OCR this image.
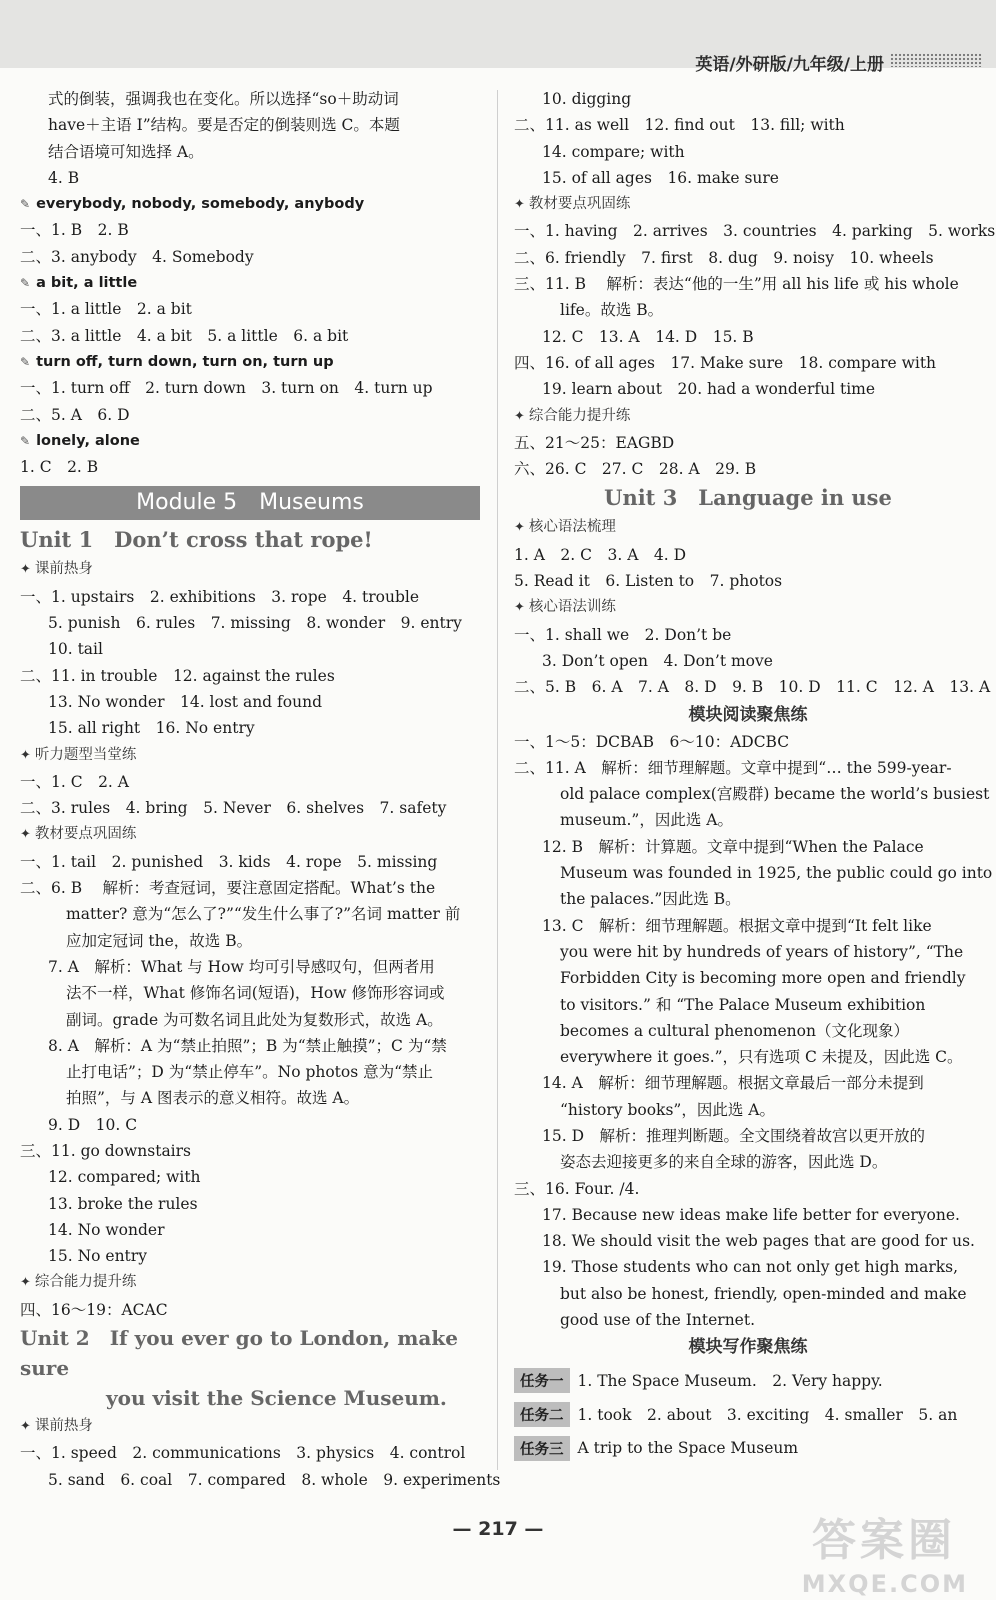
英语/外研版/九年级/上册
式的倒装，强调我也在变化。所以选择“so＋助动词
have＋主语 I”结构。要是否定的倒装则选 C。本题
结合语境可知选择 A。
4. B
✎ everybody, nobody, somebody, anybody
一、1. B　2. B
二、3. anybody　4. Somebody
✎ a bit, a little
一、1. a little　2. a bit
二、3. a little　4. a bit　5. a little　6. a bit
✎ turn off, turn down, turn on, turn up
一、1. turn off　2. turn down　3. turn on　4. turn up
二、5. A　6. D
✎ lonely, alone
1. C　2. B
Module 5　Museums
Unit 1　Don’t cross that rope!
✦ 课前热身
一、1. upstairs　2. exhibitions　3. rope　4. trouble
5. punish　6. rules　7. missing　8. wonder　9. entry
10. tail
二、11. in trouble　12. against the rules
13. No wonder　14. lost and found
15. all right　16. No entry
✦ 听力题型当堂练
一、1. C　2. A
二、3. rules　4. bring　5. Never　6. shelves　7. safety
✦ 教材要点巩固练
一、1. tail　2. punished　3. kids　4. rope　5. missing
二、6. B　 解析：考查冠词，要注意固定搭配。What’s the
matter? 意为“怎么了?”“发生什么事了?”名词 matter 前
应加定冠词 the，故选 B。
7. A　解析：What 与 How 均可引导感叹句，但两者用
法不一样，What 修饰名词(短语)，How 修饰形容词或
副词。grade 为可数名词且此处为复数形式，故选 A。
8. A　解析：A 为“禁止拍照”；B 为“禁止触摸”；C 为“禁
止打电话”；D 为“禁止停车”。No photos 意为“禁止
拍照”，与 A 图表示的意义相符。故选 A。
9. D　10. C
三、11. go downstairs
12. compared; with
13. broke the rules
14. No wonder
15. No entry
✦ 综合能力提升练
四、16～19：ACAC
Unit 2　If you ever go to London, make sure
you visit the Science Museum.
✦ 课前热身
一、1. speed　2. communications　3. physics　4. control
5. sand　6. coal　7. compared　8. whole　9. experiments
10. digging
二、11. as well　12. find out　13. fill; with
14. compare; with
15. of all ages　16. make sure
✦ 教材要点巩固练
一、1. having　2. arrives　3. countries　4. parking　5. works
二、6. friendly　7. first　8. dug　9. noisy　10. wheels
三、11. B　 解析：表达“他的一生”用 all his life 或 his whole
life。故选 B。
12. C　13. A　14. D　15. B
四、16. of all ages　17. Make sure　18. compare with
19. learn about　20. had a wonderful time
✦ 综合能力提升练
五、21～25：EAGBD
六、26. C　27. C　28. A　29. B
Unit 3　Language in use
✦ 核心语法梳理
1. A　2. C　3. A　4. D
5. Read it　6. Listen to　7. photos
✦ 核心语法训练
一、1. shall we　2. Don’t be
3. Don’t open　4. Don’t move
二、5. B　6. A　7. A　8. D　9. B　10. D　11. C　12. A　13. A
模块阅读聚焦练
一、1～5：DCBAB　6～10：ADCBC
二、11. A　解析：细节理解题。文章中提到“… the 599-year-
old palace complex(宫殿群) became the world’s busiest
museum.”，因此选 A。
12. B　解析：计算题。文章中提到“When the Palace
Museum was founded in 1925, the public could go into
the palaces.”因此选 B。
13. C　解析：细节理解题。根据文章中提到“It felt like
you were hit by hundreds of years of history”, “The
Forbidden City is becoming more open and friendly
to visitors.” 和 “The Palace Museum exhibition
becomes a cultural phenomenon（文化现象）
everywhere it goes.”，只有选项 C 未提及，因此选 C。
14. A　解析：细节理解题。根据文章最后一部分未提到
“history books”，因此选 A。
15. D　解析：推理判断题。全文围绕着故宫以更开放的
姿态去迎接更多的来自全球的游客，因此选 D。
三、16. Four. /4.
17. Because new ideas make life better for everyone.
18. We should visit the web pages that are good for us.
19. Those students who can not only get high marks,
but also be honest, friendly, open-minded and make
good use of the Internet.
模块写作聚焦练
任务一 1. The Space Museum.　2. Very happy.
任务二 1. took　2. about　3. exciting　4. smaller　5. an
任务三 A trip to the Space Museum
— 217 —	答案圈
MXQE.COM
